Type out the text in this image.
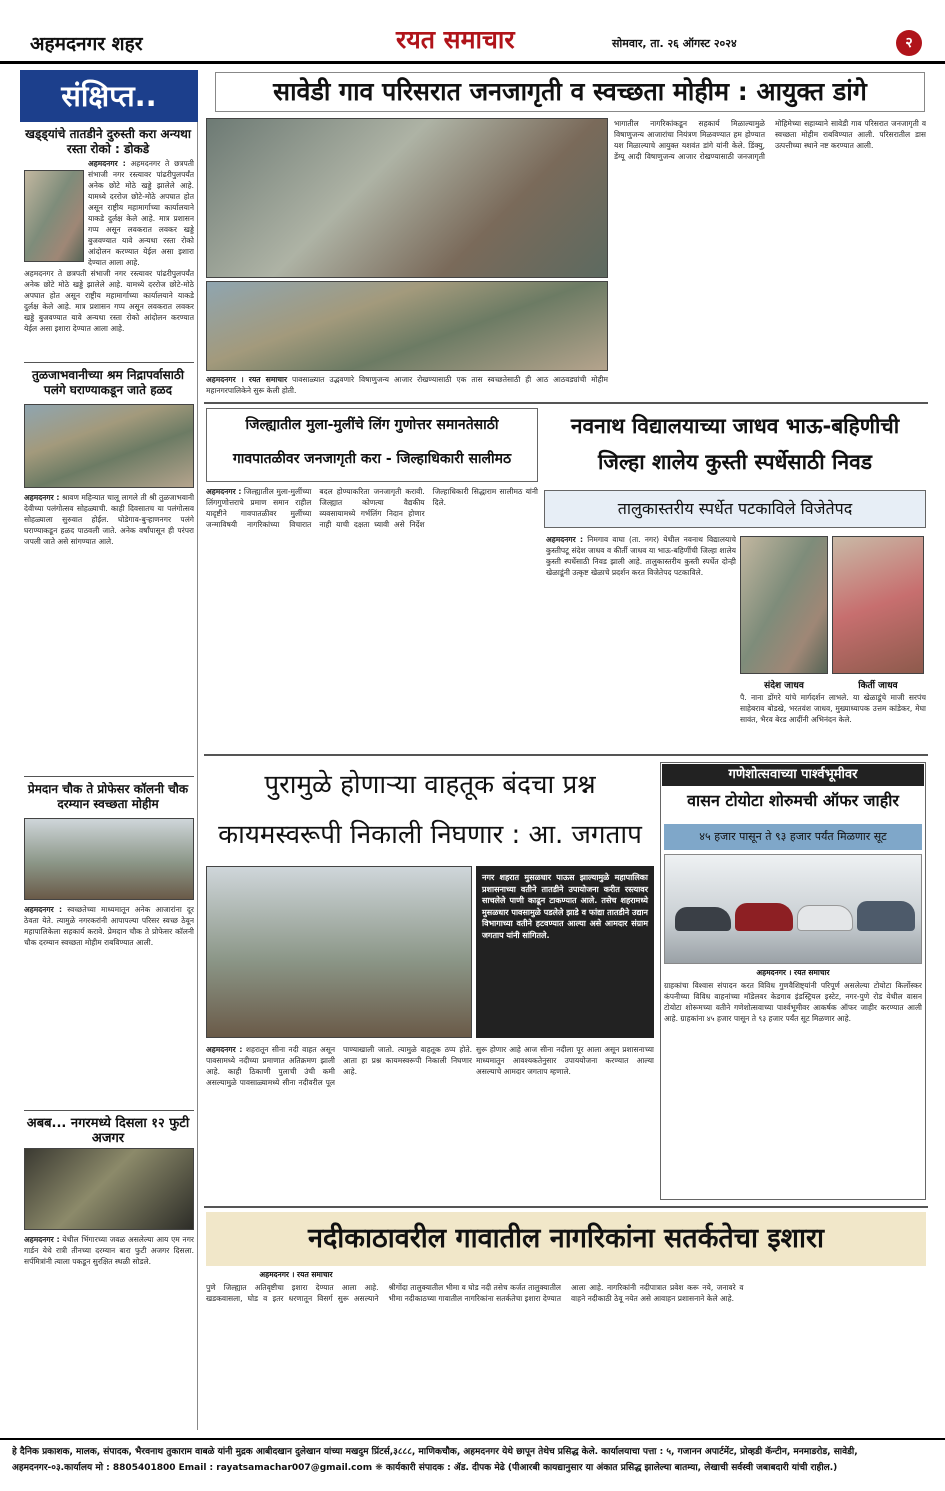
अहमदनगर शहर	रयत समाचार	सोमवार, ता. २६ ऑगस्ट २०२४	२
सावेडी गाव परिसरात जनजागृती व स्वच्छता मोहीम : आयुक्त डांगे
संक्षिप्त..
खड्ड्यांचे तातडीने दुरुस्ती करा अन्यथा रस्ता रोको : डोकडे
अहमदनगर : अहमदनगर ते छत्रपती संभाजी नगर रस्त्यावर पांढरीपुलपर्यंत अनेक छोटे मोठे खड्डे झालेले आहे. यामध्ये दररोज छोटे-मोठे अपघात होत असून राष्ट्रीय महामार्गाच्या कार्यालयाने याकडे दुर्लक्ष केले आहे. मात्र प्रशासन गप्प असून लवकरात लवकर खड्डे बुजवण्यात यावे अन्यथा रस्ता रोको आंदोलन करण्यात येईल असा इशारा देण्यात आला आहे.
अहमदनगर ते छत्रपती संभाजी नगर रस्त्यावर पांढरीपुलपर्यंत अनेक छोटे मोठे खड्डे झालेले आहे. यामध्ये दररोज छोटे-मोठे अपघात होत असून राष्ट्रीय महामार्गाच्या कार्यालयाने याकडे दुर्लक्ष केले आहे. मात्र प्रशासन गप्प असून लवकरात लवकर खड्डे बुजवण्यात यावे अन्यथा रस्ता रोको आंदोलन करण्यात येईल असा इशारा देण्यात आला आहे.
तुळजाभवानीच्या श्रम निद्रापर्वासाठी पलंगे घराण्याकडून जाते हळद
अहमदनगर : श्रावण महिन्यात चालू लागले ती श्री तुळजाभवानी देवीच्या पलंगोत्सव सोहळ्याची. काही दिवसातच या पलंगोत्सव सोहळ्याला सुरुवात होईल. घोडेगाव-बुऱ्हाणनगर पलंगे घराण्याकडून हळद पाठवली जाते. अनेक वर्षांपासून ही परंपरा जपली जाते असे सांगण्यात आले.
प्रेमदान चौक ते प्रोफेसर कॉलनी चौक दरम्यान स्वच्छता मोहीम
अहमदनगर : स्वच्छतेच्या माध्यमातून अनेक आजारांना दूर ठेवता येते. त्यामुळे नगरकरांनी आपापल्या परिसर स्वच्छ ठेवून महापालिकेला सहकार्य करावे. प्रेमदान चौक ते प्रोफेसर कॉलनी चौक दरम्यान स्वच्छता मोहीम राबविण्यात आली.
अबब... नगरमध्ये दिसला १२ फुटी अजगर
अहमदनगर : येथील भिंगारच्या जवळ असलेल्या आय एम नगर गार्डन येथे रात्री तीनच्या दरम्यान बारा फुटी अजगर दिसला. सर्पमित्रांनी त्याला पकडून सुरक्षित स्थळी सोडले.
अहमदनगर । रयत समाचार पावसाळ्यात उद्भवणारे विषाणुजन्य आजार रोखण्यासाठी एक तास स्वच्छतेसाठी ही आठ आठवड्यांची मोहीम महानगरपालिकेने सुरू केली होती.
भागातील नागरिकांकडून सहकार्य मिळाल्यामुळे विषाणुजन्य आजारांचा नियंत्रण मिळवण्यात हम होण्यात यश मिळाल्याचे आयुक्त यशवंत डांगे यांनी केले. डिंक्यु, डेंग्यू आदी विषाणुजन्य आजार रोखण्यासाठी जनजागृती मोहिमेच्या सहाय्याने सावेडी गाव परिसरात जनजागृती व स्वच्छता मोहीम राबविण्यात आली. परिसरातील डास उत्पत्तीच्या स्थाने नष्ट करण्यात आली.
जिल्ह्यातील मुला-मुलींचे लिंग गुणोत्तर समानतेसाठी
गावपातळीवर जनजागृती करा - जिल्हाधिकारी सालीमठ
अहमदनगर : जिल्ह्यातील मुला-मुलींच्या लिंगगुणोत्तराचे प्रमाण समान राहील यादृष्टीने गावपातळीवर मुलींच्या जन्माविषयी नागरिकांच्या विचारात बदल होण्याकरिता जनजागृती करावी. जिल्ह्यात कोणत्या वैद्यकीय व्यवसायामध्ये गर्भलिंग निदान होणार नाही याची दक्षता घ्यावी असे निर्देश जिल्हाधिकारी सिद्धाराम सालीमठ यांनी दिले.
नवनाथ विद्यालयाच्या जाधव भाऊ-बहिणीची
जिल्हा शालेय कुस्ती स्पर्धेसाठी निवड
तालुकास्तरीय स्पर्धेत पटकाविले विजेतेपद
अहमदनगर : निमगाव वाघा (ता. नगर) येथील नवनाथ विद्यालयाचे कुस्तीपटू संदेश जाधव व कीर्ती जाधव या भाऊ-बहिणींची जिल्हा शालेय कुस्ती स्पर्धेसाठी निवड झाली आहे. तालुकास्तरीय कुस्ती स्पर्धेत दोन्ही खेळाडूंनी उत्कृष्ट खेळाचे प्रदर्शन करत विजेतेपद पटकाविले.
संदेश जाधव	किर्ती जाधव
पै. नाना डोंगरे यांचे मार्गदर्शन लाभले. या खेळाडूंचे माजी सरपंच साहेबराव बोडखे, भरतवंश जाधव, मुख्याध्यापक उत्तम कांडेकर, मेघा सावंत, भैरव बेरड आदींनी अभिनंदन केले.
पुरामुळे होणाऱ्या वाहतूक बंदचा प्रश्न
कायमस्वरूपी निकाली निघणार : आ. जगताप
नगर शहरात मुसळधार पाऊस झाल्यामुळे महापालिका प्रशासनाच्या वतीने तातडीने उपायोजना करीत रस्त्यावर साचलेले पाणी काढून टाकण्यात आले. तसेच शहरामध्ये मुसळधार पावसामुळे पडलेले झाडे व फांद्या तातडीने उद्यान विभागाच्या वतीने हटवण्यात आल्या असे आमदार संग्राम जगताप यांनी सांगितले.
अहमदनगर : शहरातून सीना नदी वाहत असून पावसामध्ये नदीच्या प्रमाणात अतिक्रमण झाली आहे. काही ठिकाणी पुलाची उंची कमी असल्यामुळे पावसाळ्यामध्ये सीना नदीवरील पूल पाण्याखाली जातो. त्यामुळे वाहतूक ठप्प होते. आता हा प्रश्न कायमस्वरूपी निकाली निघणार आहे.
सुरू होणार आहे आज सीना नदीला पूर आला असून प्रशासनाच्या माध्यमातून आवश्यकतेनुसार उपाययोजना करण्यात आल्या असल्याचे आमदार जगताप म्हणाले.
गणेशोत्सवाच्या पार्श्वभूमीवर
वासन टोयोटा शोरुमची ऑफर जाहीर
४५ हजार पासून ते ९३ हजार पर्यंत मिळणार सूट
अहमदनगर । रयत समाचार
ग्राहकांचा विश्वास संपादन करत विविध गुणवैशिष्ट्यांनी परिपूर्ण असलेल्या टोयोटा किर्लोस्कर कंपनीच्या विविध वाहनांच्या मॉडेलवर केडगाव इंडस्ट्रियल इस्टेट, नगर-पुणे रोड येथील वासन टोयोटा शोरूमच्या वतीने गणेशोत्सवाच्या पार्श्वभूमीवर आकर्षक ऑफर जाहीर करण्यात आली आहे. ग्राहकांना ४५ हजार पासून ते ९३ हजार पर्यंत सूट मिळणार आहे.
नदीकाठावरील गावातील नागरिकांना सतर्कतेचा इशारा
अहमदनगर । रयत समाचार
पुणे जिल्ह्यात अतिवृष्टीचा इशारा देण्यात आला आहे. खडकवासला, घोड व इतर धरणातून विसर्ग सुरू असल्याने श्रीगोंदा तालुक्यातील भीमा व घोड नदी तसेच कर्जत तालुक्यातील भीमा नदीकाठच्या गावातील नागरिकांना सतर्कतेचा इशारा देण्यात आला आहे. नागरिकांनी नदीपात्रात प्रवेश करू नये, जनावरे व वाहने नदीकाठी ठेवू नयेत असे आवाहन प्रशासनाने केले आहे.
हे दैनिक प्रकाशक, मालक, संपादक, भैरवनाथ तुकाराम वाबळे यांनी मुद्रक आबीदखान दुलेखान यांच्या मखदुम प्रिंटर्स,३८८८, माणिकचौक, अहमदनगर येथे छापून तेथेच प्रसिद्ध केले. कार्यालयाचा पत्ता : ५, गजानन अपार्टमेंट, प्रोव्हडी कॅन्टीन, मनमाडरोड, सावेडी,
अहमदनगर-०३.कार्यालय मो : 8805401800 Email : rayatsamachar007@gmail.com ❋ कार्यकारी संपादक : ॲड. दीपक मेढे (पीआरबी कायद्यानुसार या अंकात प्रसिद्ध झालेल्या बातम्या, लेखाची सर्वस्वी जबाबदारी यांची राहील.)
